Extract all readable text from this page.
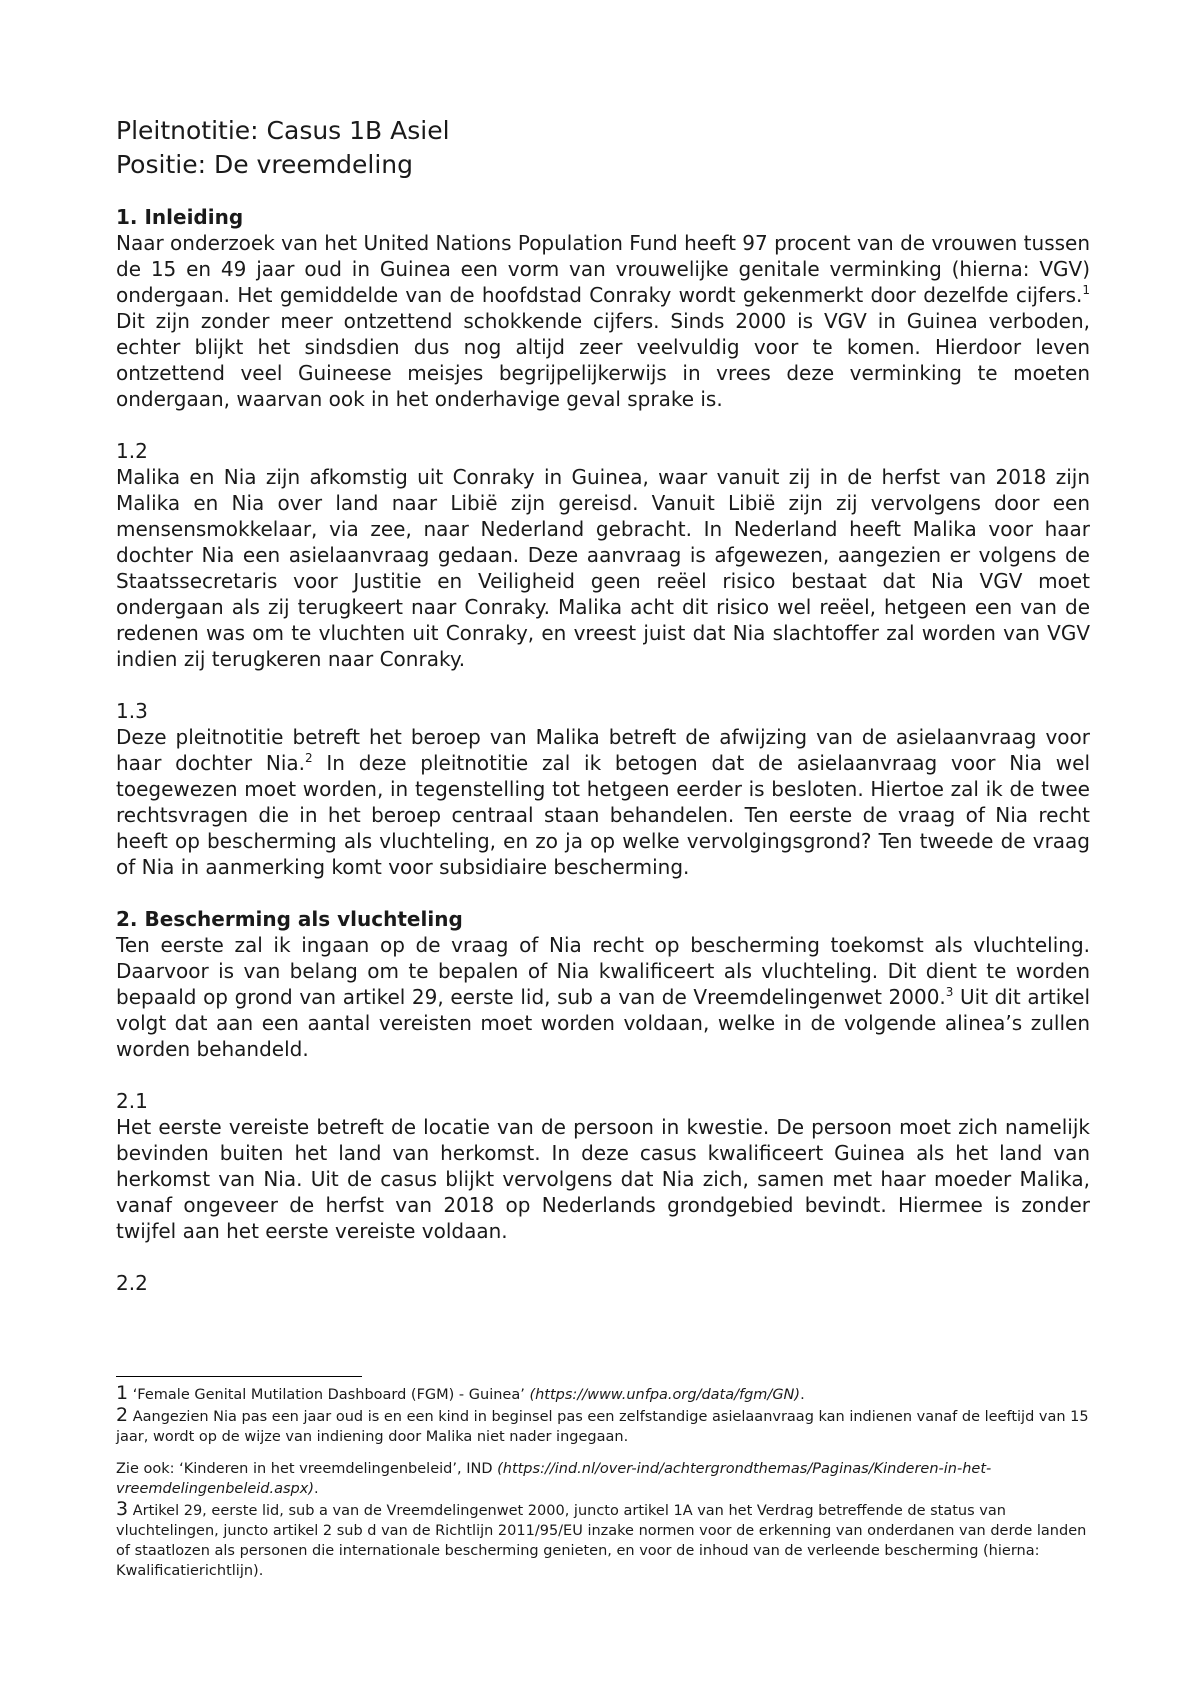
Pleitnotitie: Casus 1B Asiel
Positie: De vreemdeling
1. Inleiding

Naar onderzoek van het United Nations Population Fund heeft 97 procent van de vrouwen tussen de 15 en 49 jaar oud in Guinea een vorm van vrouwelijke genitale verminking (hierna: VGV) ondergaan. Het gemiddelde van de hoofdstad Conraky wordt gekenmerkt door dezelfde cijfers.$^1$ Dit zijn zonder meer ontzettend schokkende cijfers. Sinds 2000 is VGV in Guinea verboden, echter blijkt het sindsdien dus nog altijd zeer veelvuldig voor te komen. Hierdoor leven ontzettend veel Guineese meisjes begrijpelijkerwijs in vrees deze verminking te moeten ondergaan, waarvan ook in het onderhavige geval sprake is.

1.2

Malika en Nia zijn afkomstig uit Conraky in Guinea, waar vanuit zij in de herfst van 2018 zijn Malika en Nia over land naar Libië zijn gereisd. Vanuit Libië zijn zij vervolgens door een mensensmokkelaar, via zee, naar Nederland gebracht. In Nederland heeft Malika voor haar dochter Nia een asielaanvraag gedaan. Deze aanvraag is afgewezen, aangezien er volgens de Staatssecretaris voor Justitie en Veiligheid geen reëel risico bestaat dat Nia VGV moet ondergaan als zij terugkeert naar Conraky. Malika acht dit risico wel reëel, hetgeen een van de redenen was om te vluchten uit Conraky, en vreest juist dat Nia slachtoffer zal worden van VGV indien zij terugkeren naar Conraky.

1.3

Deze pleitnotitie betreft het beroep van Malika betreft de afwijzing van de asielaanvraag voor haar dochter Nia.$^2$ In deze pleitnotitie zal ik betogen dat de asielaanvraag voor Nia wel toegewezen moet worden, in tegenstelling tot hetgeen eerder is besloten. Hiertoe zal ik de twee rechtsvragen die in het beroep centraal staan behandelen. Ten eerste de vraag of Nia recht heeft op bescherming als vluchteling, en zo ja op welke vervolgingsgrond? Ten tweede de vraag of Nia in aanmerking komt voor subsidiaire bescherming.

2. Bescherming als vluchteling

Ten eerste zal ik ingaan op de vraag of Nia recht op bescherming toekomst als vluchteling. Daarvoor is van belang om te bepalen of Nia kwalificeert als vluchteling. Dit dient te worden bepaald op grond van artikel 29, eerste lid, sub a van de Vreemdelingenwet 2000.$^3$ Uit dit artikel volgt dat aan een aantal vereisten moet worden voldaan, welke in de volgende alinea’s zullen worden behandeld.

2.1

Het eerste vereiste betreft de locatie van de persoon in kwestie. De persoon moet zich namelijk bevinden buiten het land van herkomst. In deze casus kwalificeert Guinea als het land van herkomst van Nia. Uit de casus blijkt vervolgens dat Nia zich, samen met haar moeder Malika, vanaf ongeveer de herfst van 2018 op Nederlands grondgebied bevindt. Hiermee is zonder twijfel aan het eerste vereiste voldaan.

2.2

1 ‘Female Genital Mutilation Dashboard (FGM) - Guinea’ (https://www.unfpa.org/data/fgm/GN).

2 Aangezien Nia pas een jaar oud is en een kind in beginsel pas een zelfstandige asielaanvraag kan indienen vanaf de leeftijd van 15 jaar, wordt op de wijze van indiening door Malika niet nader ingegaan.

Zie ook: ‘Kinderen in het vreemdelingenbeleid’, IND (https://ind.nl/over-ind/achtergrondthemas/Paginas/Kinderen-in-het-vreemdelingenbeleid.aspx).

3 Artikel 29, eerste lid, sub a van de Vreemdelingenwet 2000, juncto artikel 1A van het Verdrag betreffende de status van vluchtelingen, juncto artikel 2 sub d van de Richtlijn 2011/95/EU inzake normen voor de erkenning van onderdanen van derde landen of staatlozen als personen die internationale bescherming genieten, en voor de inhoud van de verleende bescherming (hierna: Kwalificatierichtlijn).
